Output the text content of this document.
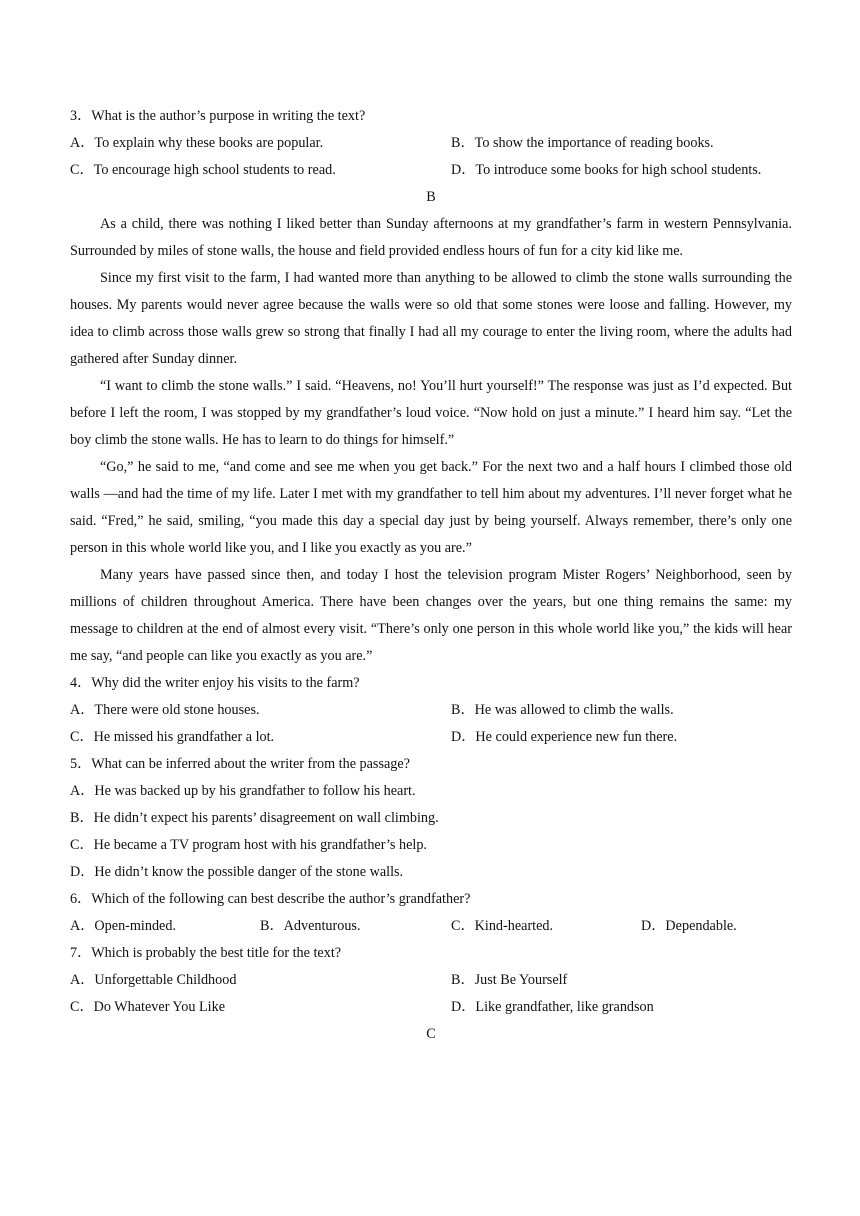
3．What is the author’s purpose in writing the text?
A．To explain why these books are popular.	B．To show the importance of reading books.
C．To encourage high school students to read.	D．To introduce some books for high school students.
B

As a child, there was nothing I liked better than Sunday afternoons at my grandfather’s farm in western Pennsylvania. Surrounded by miles of stone walls, the house and field provided endless hours of fun for a city kid like me.

Since my first visit to the farm, I had wanted more than anything to be allowed to climb the stone walls surrounding the houses. My parents would never agree because the walls were so old that some stones were loose and falling. However, my idea to climb across those walls grew so strong that finally I had all my courage to enter the living room, where the adults had gathered after Sunday dinner.

“I want to climb the stone walls.” I said. “Heavens, no! You’ll hurt yourself!” The response was just as I’d expected. But before I left the room, I was stopped by my grandfather’s loud voice. “Now hold on just a minute.” I heard him say. “Let the boy climb the stone walls. He has to learn to do things for himself.”

“Go,” he said to me, “and come and see me when you get back.” For the next two and a half hours I climbed those old walls —and had the time of my life. Later I met with my grandfather to tell him about my adventures. I’ll never forget what he said. “Fred,” he said, smiling, “you made this day a special day just by being yourself. Always remember, there’s only one person in this whole world like you, and I like you exactly as you are.”

Many years have passed since then, and today I host the television program Mister Rogers’ Neighborhood, seen by millions of children throughout America. There have been changes over the years, but one thing remains the same: my message to children at the end of almost every visit. “There’s only one person in this whole world like you,” the kids will hear me say, “and people can like you exactly as you are.”

4．Why did the writer enjoy his visits to the farm?
A．There were old stone houses.	B．He was allowed to climb the walls.
C．He missed his grandfather a lot.	D．He could experience new fun there.
5．What can be inferred about the writer from the passage?
A．He was backed up by his grandfather to follow his heart.
B．He didn’t expect his parents’ disagreement on wall climbing.
C．He became a TV program host with his grandfather’s help.
D．He didn’t know the possible danger of the stone walls.
6．Which of the following can best describe the author’s grandfather?
A．Open-minded.	B．Adventurous.	C．Kind-hearted.	D．Dependable.
7．Which is probably the best title for the text?
A．Unforgettable Childhood	B．Just Be Yourself
C．Do Whatever You Like	D．Like grandfather, like grandson
C
